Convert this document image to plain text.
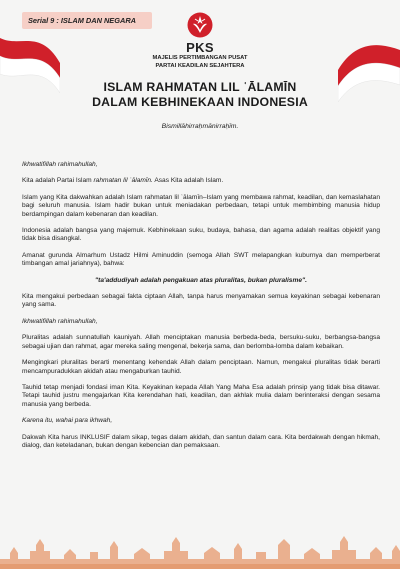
Serial 9 : ISLAM DAN NEGARA
PKS
MAJELIS PERTIMBANGAN PUSAT
PARTAI KEADILAN SEJAHTERA
ISLAM RAHMATAN LIL ʿĀLAMĪN
DALAM KEBHINEKAAN INDONESIA
Bismillāhirraḥmānirraḥīm.

Ikhwatifillah rahimahullah,

Kita adalah Partai Islam rahmatan lil ʿālamīn. Asas Kita adalah Islam.

Islam yang Kita dakwahkan adalah Islam rahmatan lil ʿālamīn–Islam yang membawa rahmat, keadilan, dan kemaslahatan bagi seluruh manusia. Islam hadir bukan untuk meniadakan perbedaan, tetapi untuk membimbing manusia hidup berdampingan dalam kebenaran dan keadilan.

Indonesia adalah bangsa yang majemuk. Kebhinekaan suku, budaya, bahasa, dan agama adalah realitas objektif yang tidak bisa disangkal.

Amanat gurunda Almarhum Ustadz Hilmi Aminuddin (semoga Allah SWT melapangkan kuburnya dan memperberat timbangan amal jariahnya), bahwa:

"ta'addudiyah adalah pengakuan atas pluralitas, bukan pluralisme".

Kita mengakui perbedaan sebagai fakta ciptaan Allah, tanpa harus menyamakan semua keyakinan sebagai kebenaran yang sama.

Ikhwatifillah rahimahullah,

Pluralitas adalah sunnatullah kauniyah. Allah menciptakan manusia berbeda-beda, bersuku-suku, berbangsa-bangsa sebagai ujian dan rahmat, agar mereka saling mengenal, bekerja sama, dan berlomba-lomba dalam kebaikan.

Mengingkari pluralitas berarti menentang kehendak Allah dalam penciptaan. Namun, mengakui pluralitas tidak berarti mencampuradukkan akidah atau mengaburkan tauhid.

Tauhid tetap menjadi fondasi iman Kita. Keyakinan kepada Allah Yang Maha Esa adalah prinsip yang tidak bisa ditawar. Tetapi tauhid justru mengajarkan Kita kerendahan hati, keadilan, dan akhlak mulia dalam berinteraksi dengan sesama manusia yang berbeda.

Karena itu, wahai para ikhwah,

Dakwah Kita harus INKLUSIF dalam sikap, tegas dalam akidah, dan santun dalam cara. Kita berdakwah dengan hikmah, dialog, dan keteladanan, bukan dengan kebencian dan pemaksaan.
